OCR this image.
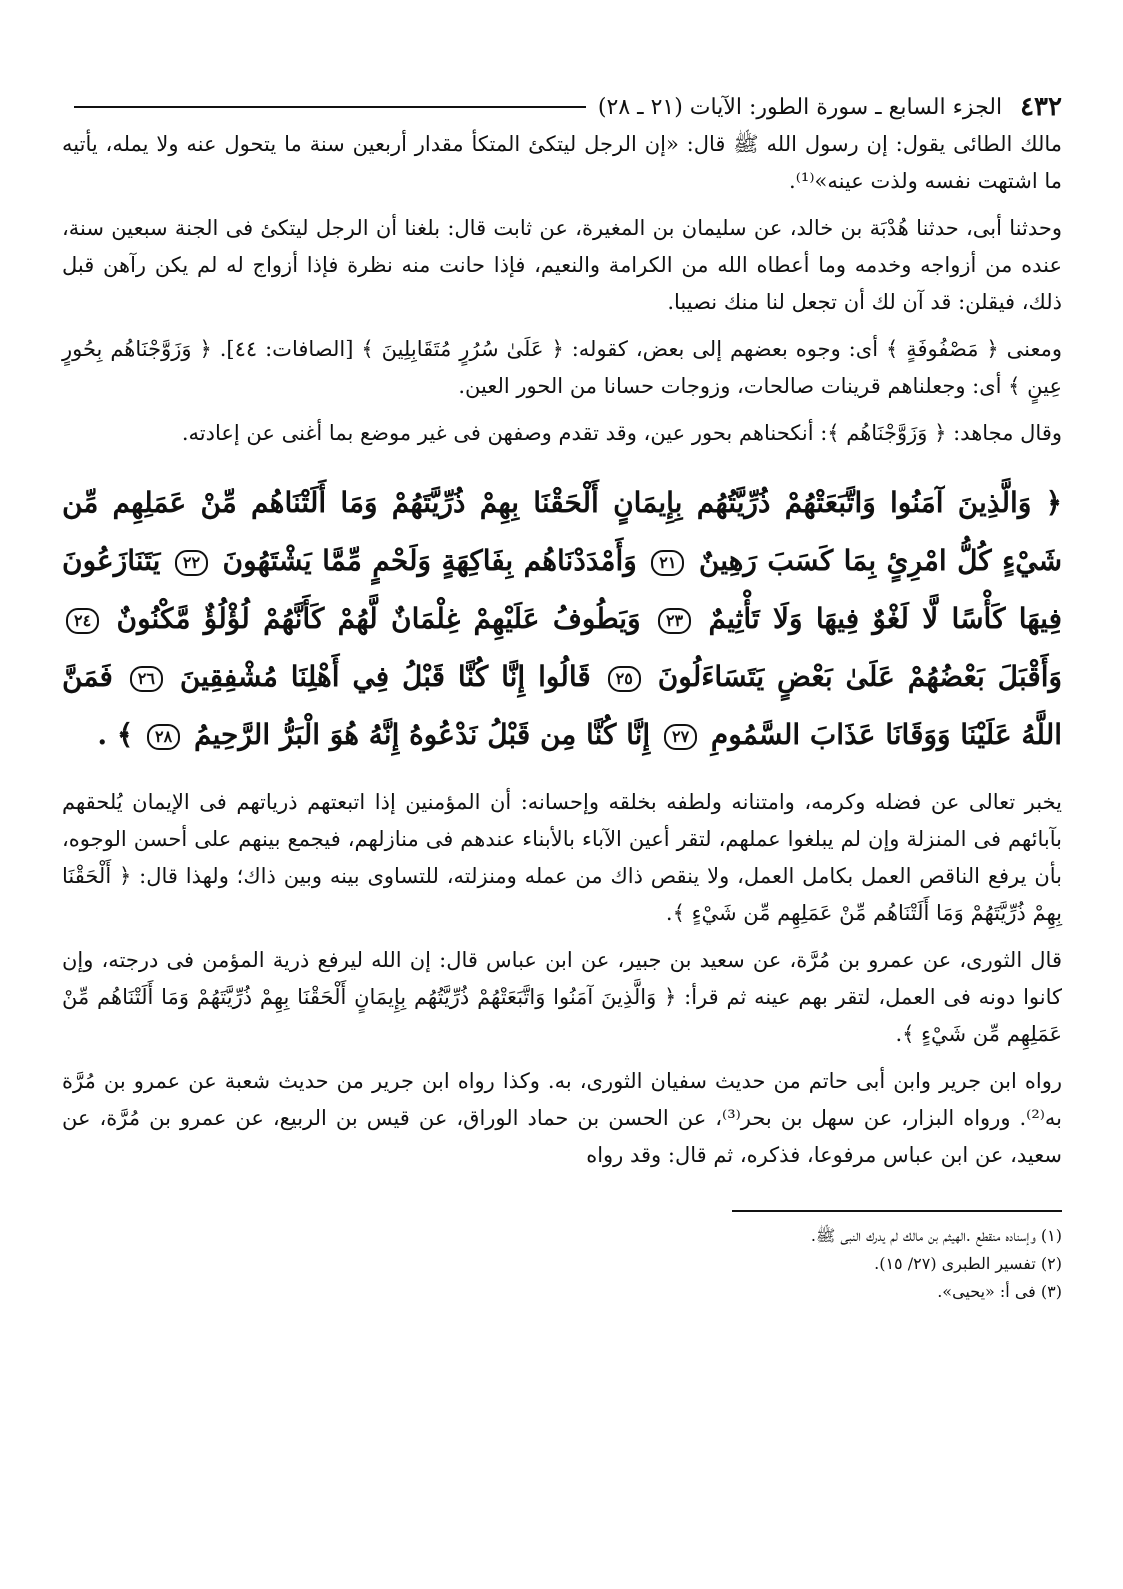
٤٣٢
الجزء السابع ـ سورة الطور: الآيات (٢١ ـ ٢٨)

مالك الطائى يقول: إن رسول الله ﷺ قال: «إن الرجل ليتكئ المتكأ مقدار أربعين سنة ما يتحول عنه ولا يمله، يأتيه ما اشتهت نفسه ولذت عينه»⁽¹⁾.

وحدثنا أبى، حدثنا هُدْبَة بن خالد، عن سليمان بن المغيرة، عن ثابت قال: بلغنا أن الرجل ليتكئ فى الجنة سبعين سنة، عنده من أزواجه وخدمه وما أعطاه الله من الكرامة والنعيم، فإذا حانت منه نظرة فإذا أزواج له لم يكن رآهن قبل ذلك، فيقلن: قد آن لك أن تجعل لنا منك نصيبا.

ومعنى ﴿ مَصْفُوفَةٍ ﴾ أى: وجوه بعضهم إلى بعض، كقوله: ﴿ عَلَىٰ سُرُرٍ مُتَقَابِلِينَ ﴾ [الصافات: ٤٤]. ﴿ وَزَوَّجْنَاهُم بِحُورٍ عِينٍ ﴾ أى: وجعلناهم قرينات صالحات، وزوجات حسانا من الحور العين.

وقال مجاهد: ﴿ وَزَوَّجْنَاهُم ﴾: أنكحناهم بحور عين، وقد تقدم وصفهن فى غير موضع بما أغنى عن إعادته.

﴿ وَالَّذِينَ آمَنُوا وَاتَّبَعَتْهُمْ ذُرِّيَّتُهُم بِإِيمَانٍ أَلْحَقْنَا بِهِمْ ذُرِّيَّتَهُمْ وَمَا أَلَتْنَاهُم مِّنْ عَمَلِهِم مِّن شَيْءٍ كُلُّ امْرِئٍ بِمَا كَسَبَ رَهِينٌ ٢١ وَأَمْدَدْنَاهُم بِفَاكِهَةٍ وَلَحْمٍ مِّمَّا يَشْتَهُونَ ٢٢ يَتَنَازَعُونَ فِيهَا كَأْسًا لَّا لَغْوٌ فِيهَا وَلَا تَأْثِيمٌ ٢٣ وَيَطُوفُ عَلَيْهِمْ غِلْمَانٌ لَّهُمْ كَأَنَّهُمْ لُؤْلُؤٌ مَّكْنُونٌ ٢٤ وَأَقْبَلَ بَعْضُهُمْ عَلَىٰ بَعْضٍ يَتَسَاءَلُونَ ٢٥ قَالُوا إِنَّا كُنَّا قَبْلُ فِي أَهْلِنَا مُشْفِقِينَ ٢٦ فَمَنَّ اللَّهُ عَلَيْنَا وَوَقَانَا عَذَابَ السَّمُومِ ٢٧ إِنَّا كُنَّا مِن قَبْلُ نَدْعُوهُ إِنَّهُ هُوَ الْبَرُّ الرَّحِيمُ ٢٨ ﴾ .

يخبر تعالى عن فضله وكرمه، وامتنانه ولطفه بخلقه وإحسانه: أن المؤمنين إذا اتبعتهم ذرياتهم فى الإيمان يُلحقهم بآبائهم فى المنزلة وإن لم يبلغوا عملهم، لتقر أعين الآباء بالأبناء عندهم فى منازلهم، فيجمع بينهم على أحسن الوجوه، بأن يرفع الناقص العمل بكامل العمل، ولا ينقص ذاك من عمله ومنزلته، للتساوى بينه وبين ذاك؛ ولهذا قال: ﴿ أَلْحَقْنَا بِهِمْ ذُرِّيَّتَهُمْ وَمَا أَلَتْنَاهُم مِّنْ عَمَلِهِم مِّن شَيْءٍ ﴾.

قال الثورى، عن عمرو بن مُرَّة، عن سعيد بن جبير، عن ابن عباس قال: إن الله ليرفع ذرية المؤمن فى درجته، وإن كانوا دونه فى العمل، لتقر بهم عينه ثم قرأ: ﴿ وَالَّذِينَ آمَنُوا وَاتَّبَعَتْهُمْ ذُرِّيَّتُهُم بِإِيمَانٍ أَلْحَقْنَا بِهِمْ ذُرِّيَّتَهُمْ وَمَا أَلَتْنَاهُم مِّنْ عَمَلِهِم مِّن شَيْءٍ ﴾.

رواه ابن جرير وابن أبى حاتم من حديث سفيان الثورى، به. وكذا رواه ابن جرير من حديث شعبة عن عمرو بن مُرَّة به⁽²⁾. ورواه البزار، عن سهل بن بحر⁽³⁾، عن الحسن بن حماد الوراق، عن قيس بن الربيع، عن عمرو بن مُرَّة، عن سعيد، عن ابن عباس مرفوعا، فذكره، ثم قال: وقد رواه

(١) وإسناده منقطع .الهيثم بن مالك لم يدرك النبى ﷺ.
(٢) تفسير الطبرى (٢٧/ ١٥).
(٣) فى أ: «يحيى».
